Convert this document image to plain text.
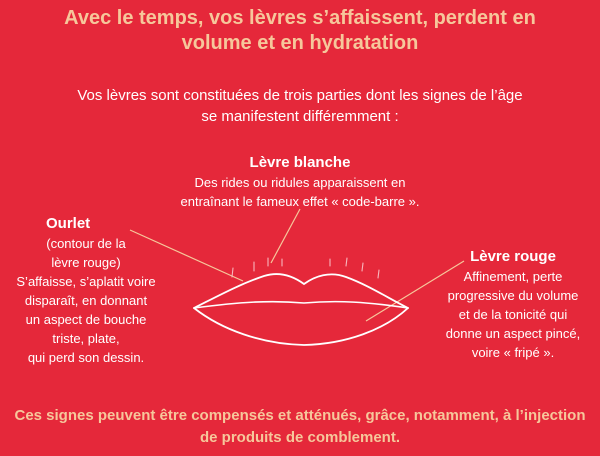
Avec le temps, vos lèvres s’affaissent, perdent en
volume et en hydratation
Vos lèvres sont constituées de trois parties dont les signes de l’âge
se manifestent différemment :
Lèvre blanche
Des rides ou ridules apparaissent en
entraînant le fameux effet « code-barre ».
Ourlet
(contour de la
lèvre rouge)
S’affaisse, s’aplatit voire
disparaît, en donnant
un aspect de bouche
triste, plate,
qui perd son dessin.
Lèvre rouge
Affinement, perte
progressive du volume
et de la tonicité qui
donne un aspect pincé,
voire « fripé ».
Ces signes peuvent être compensés et atténués, grâce, notamment, à l’injection
de produits de comblement.
